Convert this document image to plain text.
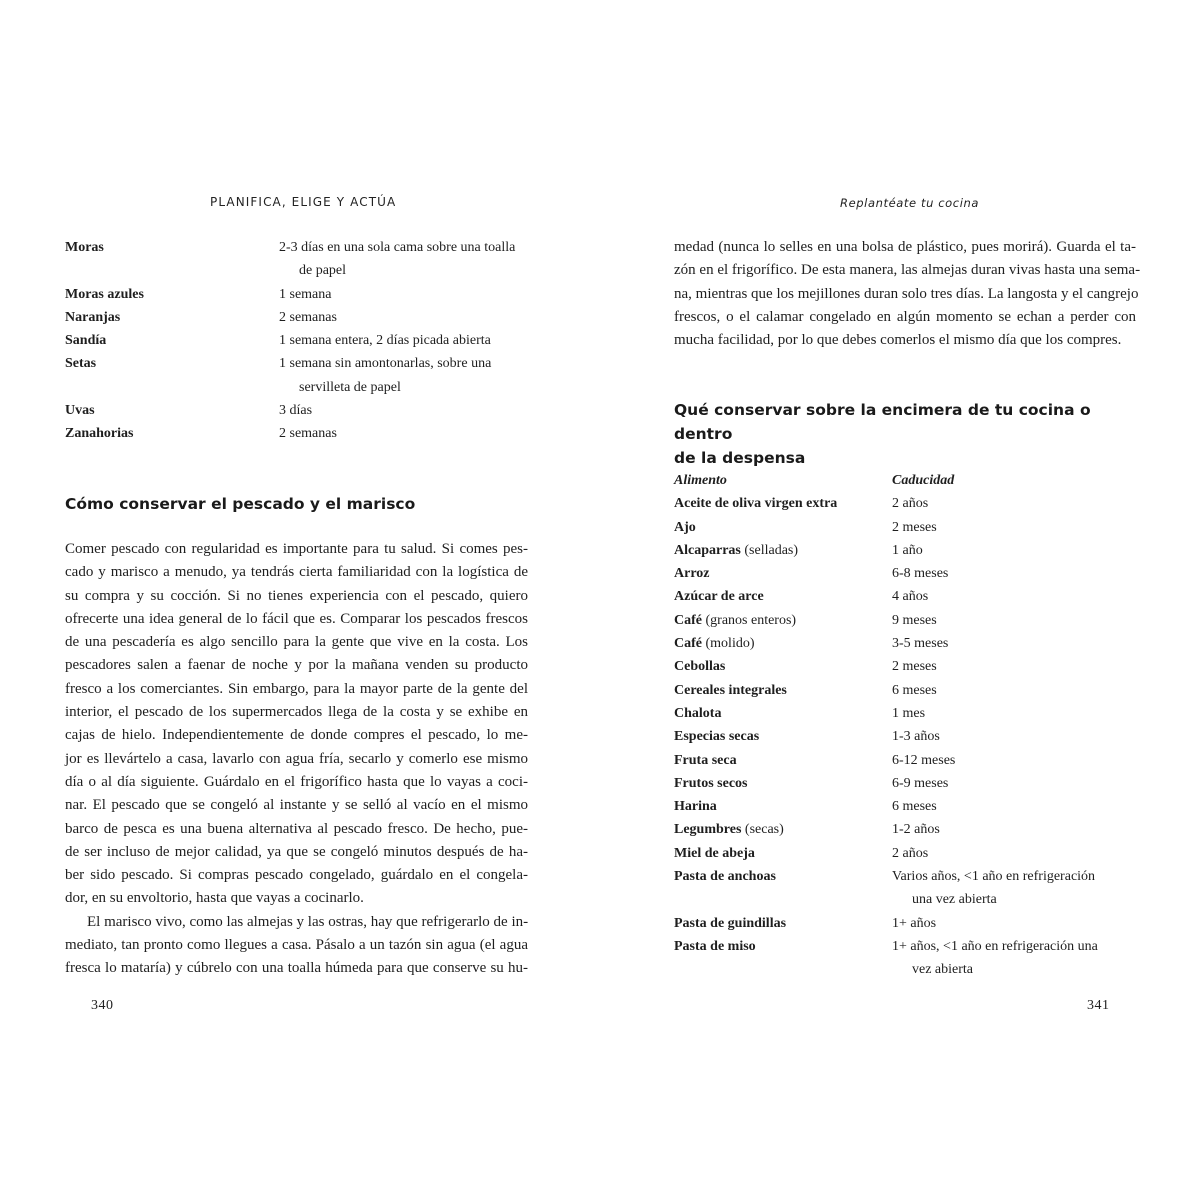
PLANIFICA, ELIGE Y ACTÚA
Moras	2-3 días en una sola cama sobre una toalla
de papel
Moras azules	1 semana
Naranjas	2 semanas
Sandía	1 semana entera, 2 días picada abierta
Setas	1 semana sin amontonarlas, sobre una
servilleta de papel
Uvas	3 días
Zanahorias	2 semanas
Cómo conservar el pescado y el marisco
Comer pescado con regularidad es importante para tu salud. Si comes pes-
cado y marisco a menudo, ya tendrás cierta familiaridad con la logística de
su compra y su cocción. Si no tienes experiencia con el pescado, quiero
ofrecerte una idea general de lo fácil que es. Comparar los pescados frescos
de una pescadería es algo sencillo para la gente que vive en la costa. Los
pescadores salen a faenar de noche y por la mañana venden su producto
fresco a los comerciantes. Sin embargo, para la mayor parte de la gente del
interior, el pescado de los supermercados llega de la costa y se exhibe en
cajas de hielo. Independientemente de donde compres el pescado, lo me-
jor es llevártelo a casa, lavarlo con agua fría, secarlo y comerlo ese mismo
día o al día siguiente. Guárdalo en el frigorífico hasta que lo vayas a coci-
nar. El pescado que se congeló al instante y se selló al vacío en el mismo
barco de pesca es una buena alternativa al pescado fresco. De hecho, pue-
de ser incluso de mejor calidad, ya que se congeló minutos después de ha-
ber sido pescado. Si compras pescado congelado, guárdalo en el congela-
dor, en su envoltorio, hasta que vayas a cocinarlo.
El marisco vivo, como las almejas y las ostras, hay que refrigerarlo de in-
mediato, tan pronto como llegues a casa. Pásalo a un tazón sin agua (el agua
fresca lo mataría) y cúbrelo con una toalla húmeda para que conserve su hu-
340
Replantéate tu cocina
medad (nunca lo selles en una bolsa de plástico, pues morirá). Guarda el ta-
zón en el frigorífico. De esta manera, las almejas duran vivas hasta una sema-
na, mientras que los mejillones duran solo tres días. La langosta y el cangrejo
frescos, o el calamar congelado en algún momento se echan a perder con
mucha facilidad, por lo que debes comerlos el mismo día que los compres.
Qué conservar sobre la encimera de tu cocina o dentro
de la despensa
Alimento	Caducidad
Aceite de oliva virgen extra	2 años
Ajo	2 meses
Alcaparras (selladas)	1 año
Arroz	6-8 meses
Azúcar de arce	4 años
Café (granos enteros)	9 meses
Café (molido)	3-5 meses
Cebollas	2 meses
Cereales integrales	6 meses
Chalota	1 mes
Especias secas	1-3 años
Fruta seca	6-12 meses
Frutos secos	6-9 meses
Harina	6 meses
Legumbres (secas)	1-2 años
Miel de abeja	2 años
Pasta de anchoas	Varios años, <1 año en refrigeración
una vez abierta
Pasta de guindillas	1+ años
Pasta de miso	1+ años, <1 año en refrigeración una
vez abierta
341
